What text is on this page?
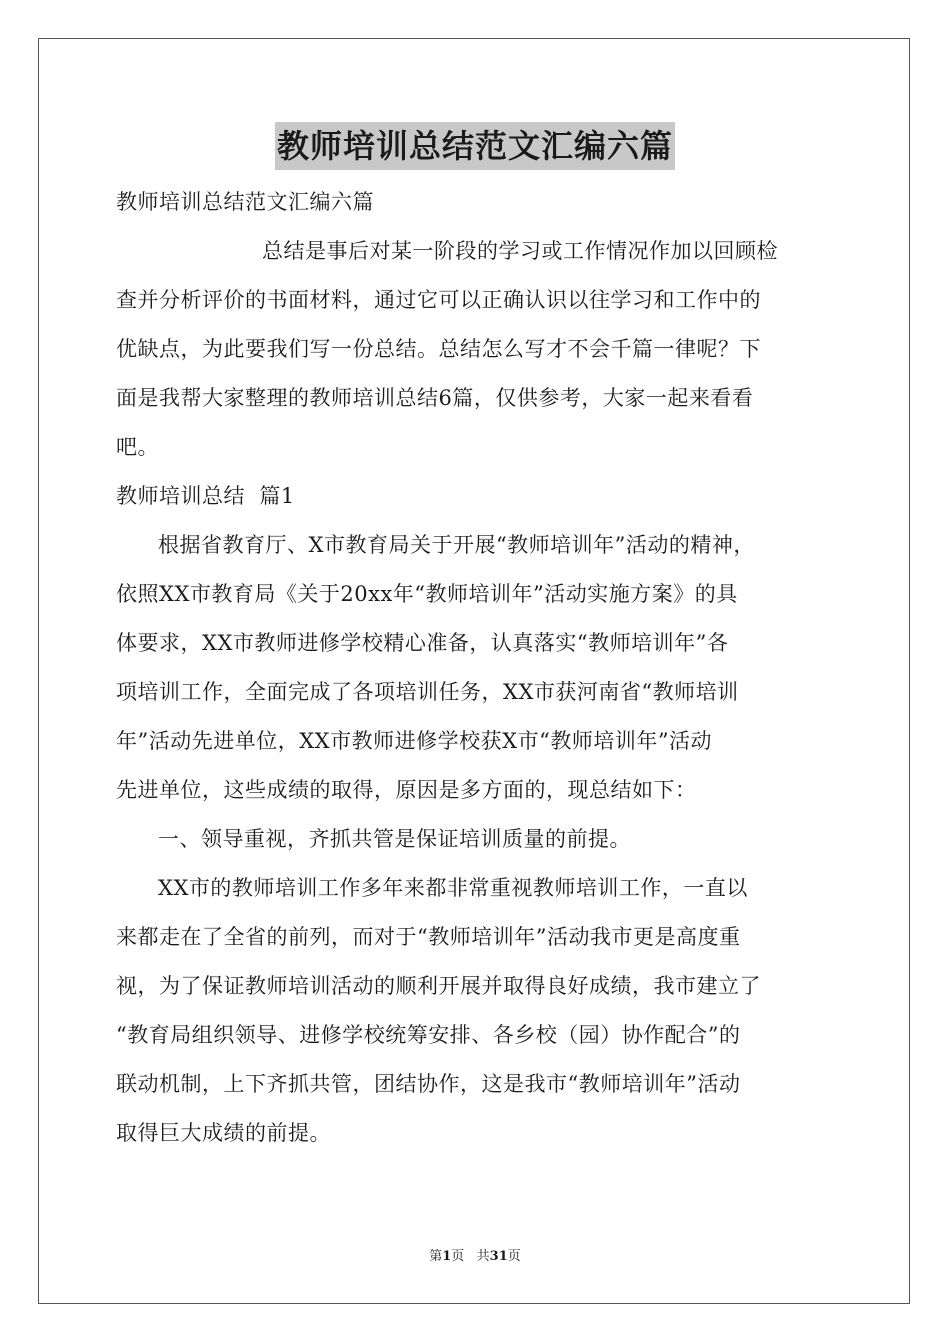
教师培训总结范文汇编六篇

教师培训总结范文汇编六篇

总结是事后对某一阶段的学习或工作情况作加以回顾检

查并分析评价的书面材料，通过它可以正确认识以往学习和工作中的

优缺点，为此要我们写一份总结。总结怎么写才不会千篇一律呢？下

面是我帮大家整理的教师培训总结6篇，仅供参考，大家一起来看看

吧。

教师培训总结  篇1

根据省教育厅、X市教育局关于开展“教师培训年”活动的精神，

依照XX市教育局《关于20xx年“教师培训年”活动实施方案》的具

体要求，XX市教师进修学校精心准备，认真落实“教师培训年”各

项培训工作，全面完成了各项培训任务，XX市获河南省“教师培训

年”活动先进单位，XX市教师进修学校获X市“教师培训年”活动

先进单位，这些成绩的取得，原因是多方面的，现总结如下：

一、领导重视，齐抓共管是保证培训质量的前提。

XX市的教师培训工作多年来都非常重视教师培训工作，一直以

来都走在了全省的前列，而对于“教师培训年”活动我市更是高度重

视，为了保证教师培训活动的顺利开展并取得良好成绩，我市建立了

“教育局组织领导、进修学校统筹安排、各乡校（园）协作配合”的

联动机制，上下齐抓共管，团结协作，这是我市“教师培训年”活动

取得巨大成绩的前提。

第1页   共31页
